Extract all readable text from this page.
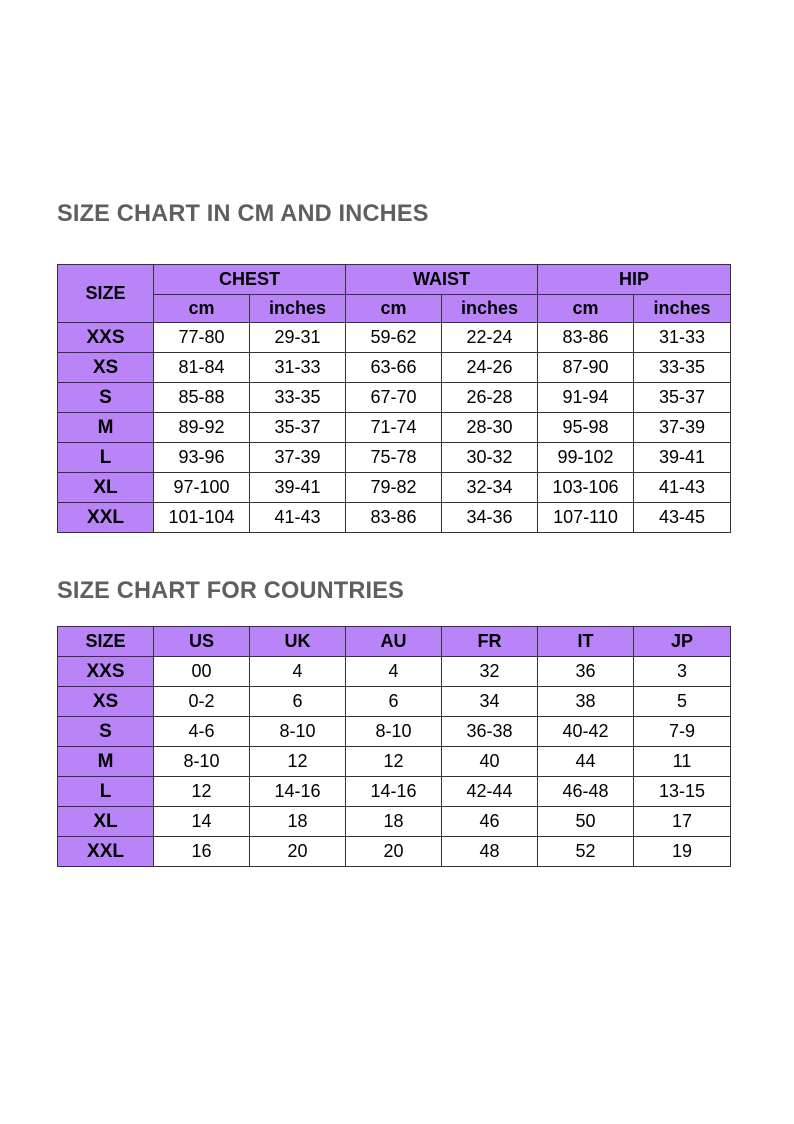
SIZE CHART IN CM AND INCHES
SIZE	CHEST		WAIST		HIP	
	cm	inches	cm	inches	cm	inches
XXS	77-80	29-31	59-62	22-24	83-86	31-33
XS	81-84	31-33	63-66	24-26	87-90	33-35
S	85-88	33-35	67-70	26-28	91-94	35-37
M	89-92	35-37	71-74	28-30	95-98	37-39
L	93-96	37-39	75-78	30-32	99-102	39-41
XL	97-100	39-41	79-82	32-34	103-106	41-43
XXL	101-104	41-43	83-86	34-36	107-110	43-45
SIZE CHART FOR COUNTRIES
SIZE	US	UK	AU	FR	IT	JP
XXS	00	4	4	32	36	3
XS	0-2	6	6	34	38	5
S	4-6	8-10	8-10	36-38	40-42	7-9
M	8-10	12	12	40	44	11
L	12	14-16	14-16	42-44	46-48	13-15
XL	14	18	18	46	50	17
XXL	16	20	20	48	52	19
